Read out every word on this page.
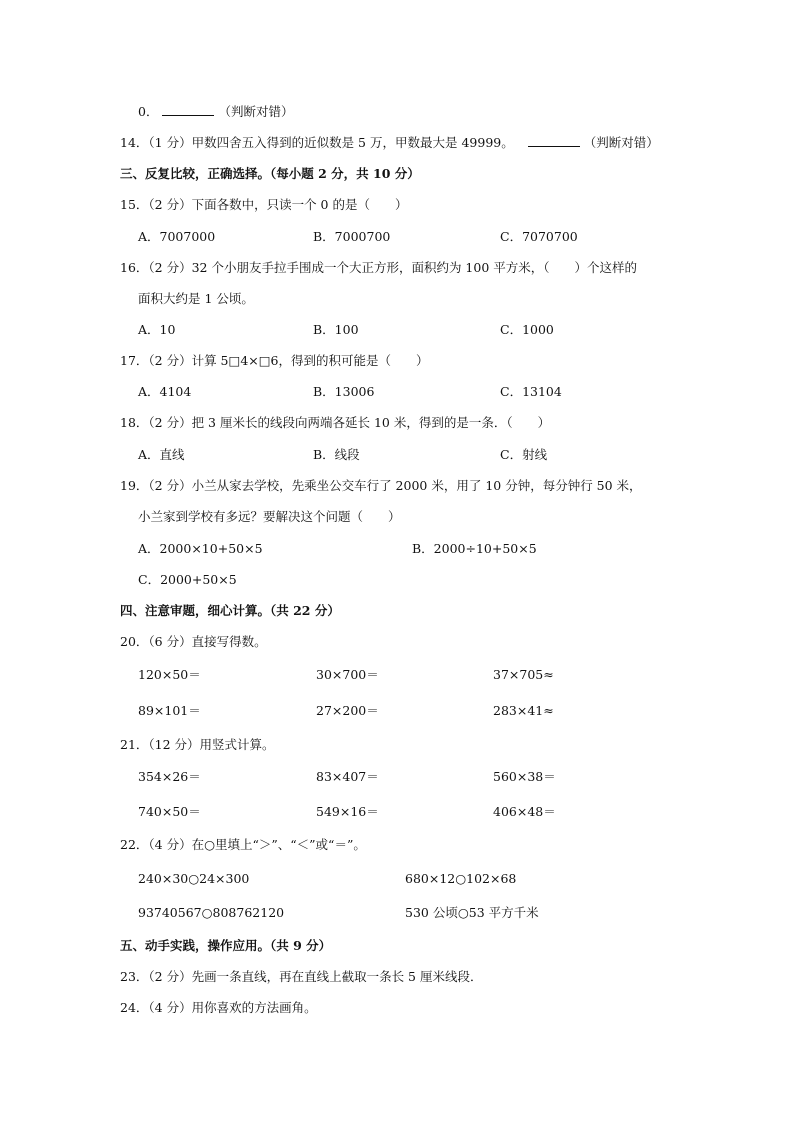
0．	（判断对错）
14．（1 分）甲数四舍五入得到的近似数是 5 万，甲数最大是 49999。	（判断对错）
三、反复比较，正确选择。（每小题 2 分，共 10 分）
15．（2 分）下面各数中，只读一个 0 的是（　　）
A．7007000	B．7000700	C．7070700
16．（2 分）32 个小朋友手拉手围成一个大正方形，面积约为 100 平方米，（　　）个这样的
面积大约是 1 公顷。
A．10	B．100	C．1000
17．（2 分）计算 5□4×□6，得到的积可能是（　　）
A．4104	B．13006	C．13104
18．（2 分）把 3 厘米长的线段向两端各延长 10 米，得到的是一条．（　　）
A．直线	B．线段	C．射线
19．（2 分）小兰从家去学校，先乘坐公交车行了 2000 米，用了 10 分钟，每分钟行 50 米，
小兰家到学校有多远？要解决这个问题（　　）
A．2000×10+50×5	B．2000÷10+50×5
C．2000+50×5
四、注意审题，细心计算。（共 22 分）
20．（6 分）直接写得数。
120×50＝	30×700＝	37×705≈
89×101＝	27×200＝	283×41≈
21．（12 分）用竖式计算。
354×26＝	83×407＝	560×38＝
740×50＝	549×16＝	406×48＝
22．（4 分）在○里填上“＞”、“＜”或“＝”。
240×30○24×300	680×12○102×68
93740567○808762120	530 公顷○53 平方千米
五、动手实践，操作应用。（共 9 分）
23．（2 分）先画一条直线，再在直线上截取一条长 5 厘米线段．
24．（4 分）用你喜欢的方法画角。
